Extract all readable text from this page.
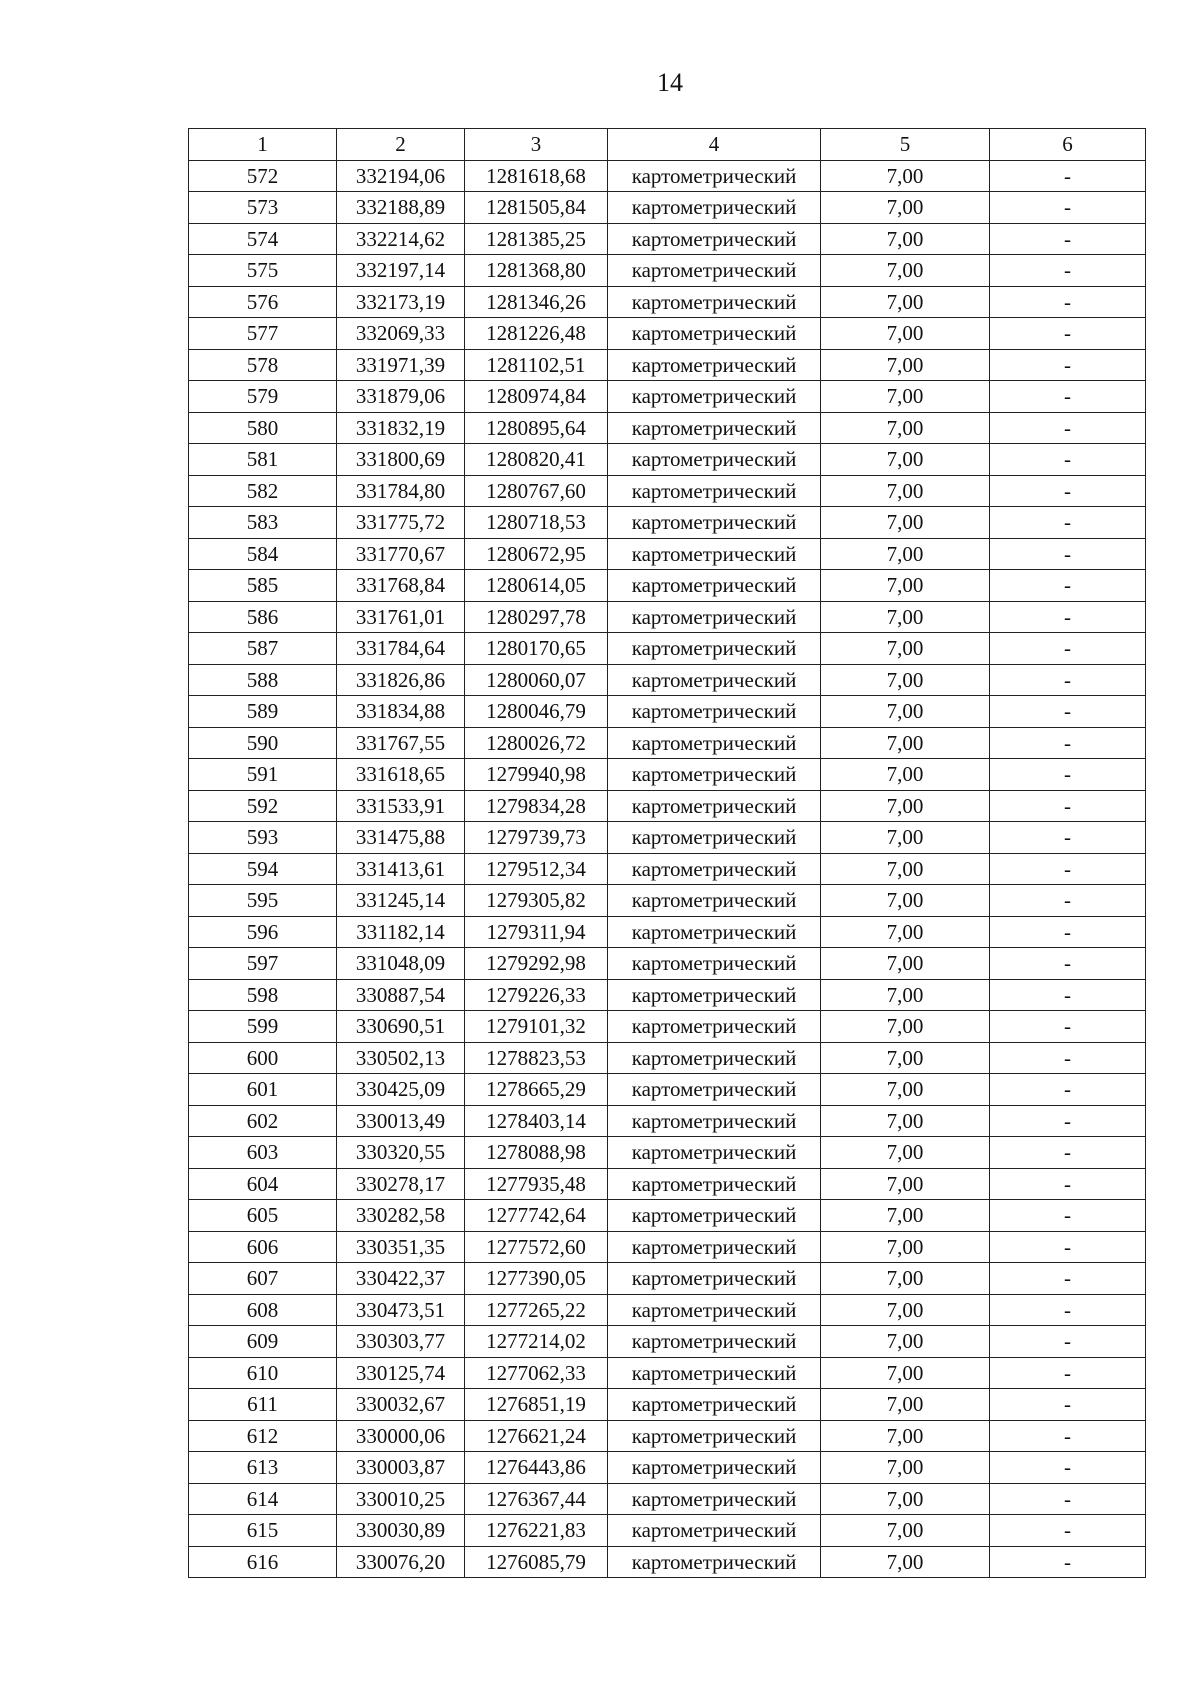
14
1	2	3	4	5	6
572	332194,06	1281618,68	картометрический	7,00	-
573	332188,89	1281505,84	картометрический	7,00	-
574	332214,62	1281385,25	картометрический	7,00	-
575	332197,14	1281368,80	картометрический	7,00	-
576	332173,19	1281346,26	картометрический	7,00	-
577	332069,33	1281226,48	картометрический	7,00	-
578	331971,39	1281102,51	картометрический	7,00	-
579	331879,06	1280974,84	картометрический	7,00	-
580	331832,19	1280895,64	картометрический	7,00	-
581	331800,69	1280820,41	картометрический	7,00	-
582	331784,80	1280767,60	картометрический	7,00	-
583	331775,72	1280718,53	картометрический	7,00	-
584	331770,67	1280672,95	картометрический	7,00	-
585	331768,84	1280614,05	картометрический	7,00	-
586	331761,01	1280297,78	картометрический	7,00	-
587	331784,64	1280170,65	картометрический	7,00	-
588	331826,86	1280060,07	картометрический	7,00	-
589	331834,88	1280046,79	картометрический	7,00	-
590	331767,55	1280026,72	картометрический	7,00	-
591	331618,65	1279940,98	картометрический	7,00	-
592	331533,91	1279834,28	картометрический	7,00	-
593	331475,88	1279739,73	картометрический	7,00	-
594	331413,61	1279512,34	картометрический	7,00	-
595	331245,14	1279305,82	картометрический	7,00	-
596	331182,14	1279311,94	картометрический	7,00	-
597	331048,09	1279292,98	картометрический	7,00	-
598	330887,54	1279226,33	картометрический	7,00	-
599	330690,51	1279101,32	картометрический	7,00	-
600	330502,13	1278823,53	картометрический	7,00	-
601	330425,09	1278665,29	картометрический	7,00	-
602	330013,49	1278403,14	картометрический	7,00	-
603	330320,55	1278088,98	картометрический	7,00	-
604	330278,17	1277935,48	картометрический	7,00	-
605	330282,58	1277742,64	картометрический	7,00	-
606	330351,35	1277572,60	картометрический	7,00	-
607	330422,37	1277390,05	картометрический	7,00	-
608	330473,51	1277265,22	картометрический	7,00	-
609	330303,77	1277214,02	картометрический	7,00	-
610	330125,74	1277062,33	картометрический	7,00	-
611	330032,67	1276851,19	картометрический	7,00	-
612	330000,06	1276621,24	картометрический	7,00	-
613	330003,87	1276443,86	картометрический	7,00	-
614	330010,25	1276367,44	картометрический	7,00	-
615	330030,89	1276221,83	картометрический	7,00	-
616	330076,20	1276085,79	картометрический	7,00	-
